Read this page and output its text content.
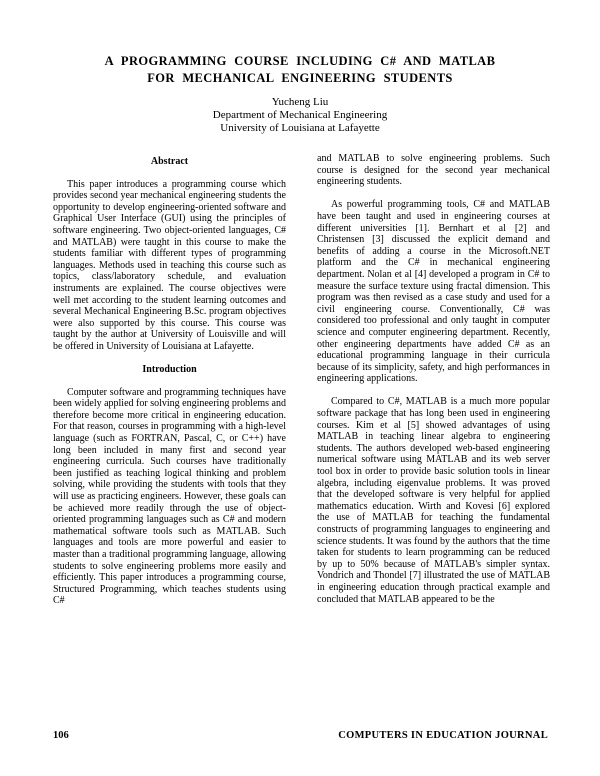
A PROGRAMMING COURSE INCLUDING C# AND MATLAB
FOR MECHANICAL ENGINEERING STUDENTS
Yucheng Liu
Department of Mechanical Engineering
University of Louisiana at Lafayette
Abstract

This paper introduces a programming course which provides second year mechanical engineering students the opportunity to develop engineering-oriented software and Graphical User Interface (GUI) using the principles of software engineering. Two object-oriented languages, C# and MATLAB) were taught in this course to make the students familiar with different types of programming languages. Methods used in teaching this course such as topics, class/laboratory schedule, and evaluation instruments are explained. The course objectives were well met according to the student learning outcomes and several Mechanical Engineering B.Sc. program objectives were also supported by this course. This course was taught by the author at University of Louisville and will be offered in University of Louisiana at Lafayette.

Introduction

Computer software and programming techniques have been widely applied for solving engineering problems and therefore become more critical in engineering education. For that reason, courses in programming with a high-level language (such as FORTRAN, Pascal, C, or C++) have long been included in many first and second year engineering curricula. Such courses have traditionally been justified as teaching logical thinking and problem solving, while providing the students with tools that they will use as practicing engineers. However, these goals can be achieved more readily through the use of object-oriented programming languages such as C# and modern mathematical software tools such as MATLAB. Such languages and tools are more powerful and easier to master than a traditional programming language, allowing students to solve engineering problems more easily and efficiently. This paper introduces a programming course, Structured Programming, which teaches students using C#

and MATLAB to solve engineering problems. Such course is designed for the second year mechanical engineering students.

As powerful programming tools, C# and MATLAB have been taught and used in engineering courses at different universities [1]. Bernhart et al [2] and Christensen [3] discussed the explicit demand and benefits of adding a course in the Microsoft.NET platform and the C# in mechanical engineering department. Nolan et al [4] developed a program in C# to measure the surface texture using fractal dimension. This program was then revised as a case study and used for a civil engineering course. Conventionally, C# was considered too professional and only taught in computer science and computer engineering department. Recently, other engineering departments have added C# as an educational programming language in their curricula because of its simplicity, safety, and high performances in engineering applications.

Compared to C#, MATLAB is a much more popular software package that has long been used in engineering courses. Kim et al [5] showed advantages of using MATLAB in teaching linear algebra to engineering students. The authors developed web-based engineering numerical software using MATLAB and its web server tool box in order to provide basic solution tools in linear algebra, including eigenvalue problems. It was proved that the developed software is very helpful for applied mathematics education. Wirth and Kovesi [6] explored the use of MATLAB for teaching the fundamental constructs of programming languages to engineering and science students. It was found by the authors that the time taken for students to learn programming can be reduced by up to 50% because of MATLAB's simpler syntax. Vondrich and Thondel [7] illustrated the use of MATLAB in engineering education through practical example and concluded that MATLAB appeared to be the

106	COMPUTERS IN EDUCATION JOURNAL
